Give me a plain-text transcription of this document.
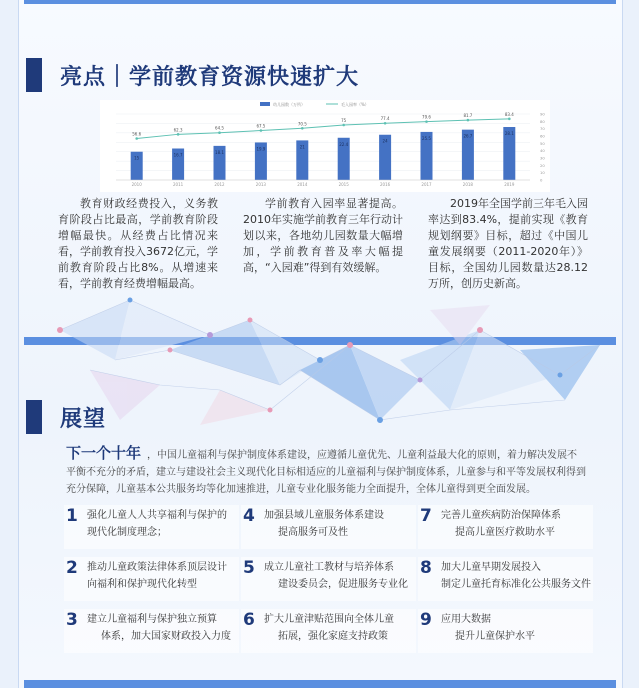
亮点｜学前教育资源快速扩大
0
10
20
30
40
50
60
70
80
90
幼儿园数（万所）	毛入园率（%）
15
2010
16.7
2011
18.1
2012
19.9
2013
21
2014
22.4
2015
24
2016
25.5
2017
26.7
2018
28.1
2019
56.6
62.3	64.5	67.5	70.5
75	77.4	79.6	81.7	83.4
教育财政经费投入，义务教育阶段占比最高，学前教育阶段增幅最快。从经费占比情况来看，学前教育投入3672亿元，学前教育阶段占比8%。从增速来看，学前教育经费增幅最高。
学前教育入园率显著提高。2010年实施学前教育三年行动计划以来，各地幼儿园数量大幅增加，学前教育普及率大幅提高，“入园难”得到有效缓解。
2019年全国学前三年毛入园率达到83.4%，提前实现《教育规划纲要》目标，超过《中国儿童发展纲要（2011-2020年）》目标，全国幼儿园数量达28.12万所，创历史新高。
展望
下一个十年 ，中国儿童福利与保护制度体系建设，应遵循儿童优先、儿童利益最大化的原则，着力解决发展不平衡不充分的矛盾，建立与建设社会主义现代化目标相适应的儿童福利与保护制度体系，儿童参与和平等发展权利得到充分保障，儿童基本公共服务均等化加速推进，儿童专业化服务能力全面提升，全体儿童得到更全面发展。
1 强化儿童人人共享福利与保护的
现代化制度理念；
4 加强县域儿童服务体系建设
提高服务可及性
7 完善儿童疾病防治保障体系
提高儿童医疗救助水平
2 推动儿童政策法律体系顶层设计
向福利和保护现代化转型
5 成立儿童社工教材与培养体系
建设委员会，促进服务专业化
8 加大儿童早期发展投入
制定儿童托育标准化公共服务文件
3 建立儿童福利与保护独立预算
体系，加大国家财政投入力度
6 扩大儿童津贴范围向全体儿童
拓展，强化家庭支持政策
9 应用大数据
提升儿童保护水平
